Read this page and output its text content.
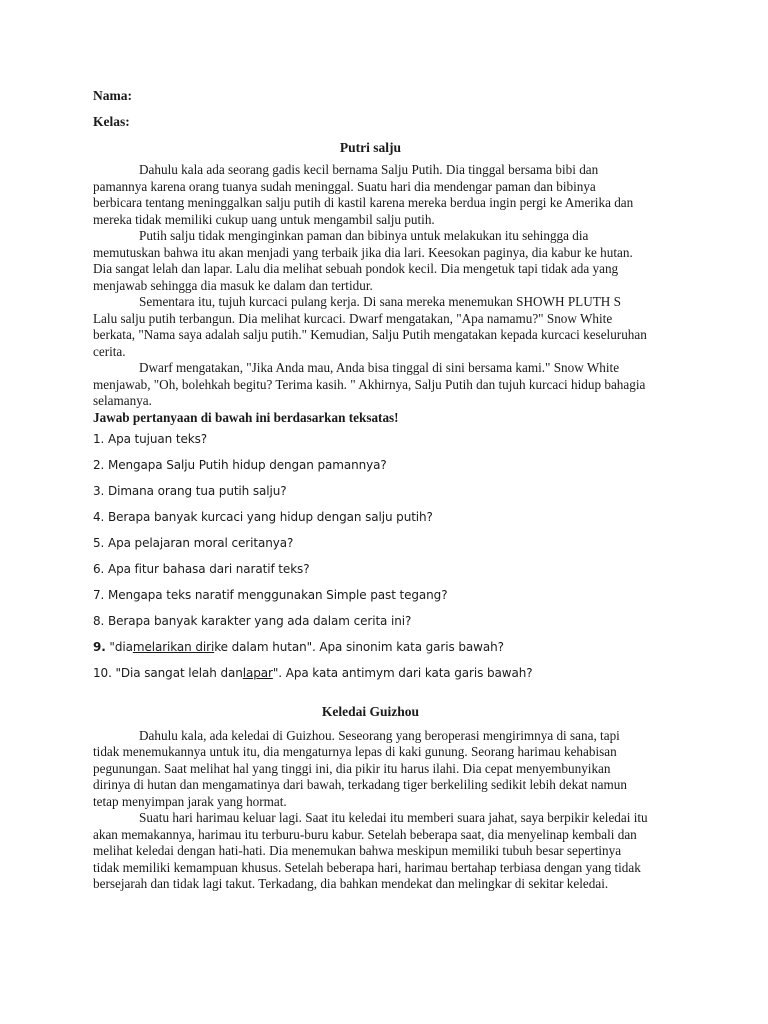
Nama:
Kelas:
Putri salju

Dahulu kala ada seorang gadis kecil bernama Salju Putih. Dia tinggal bersama bibi dan pamannya karena orang tuanya sudah meninggal. Suatu hari dia mendengar paman dan bibinya berbicara tentang meninggalkan salju putih di kastil karena mereka berdua ingin pergi ke Amerika dan mereka tidak memiliki cukup uang untuk mengambil salju putih.

Putih salju tidak menginginkan paman dan bibinya untuk melakukan itu sehingga dia memutuskan bahwa itu akan menjadi yang terbaik jika dia lari. Keesokan paginya, dia kabur ke hutan. Dia sangat lelah dan lapar. Lalu dia melihat sebuah pondok kecil. Dia mengetuk tapi tidak ada yang menjawab sehingga dia masuk ke dalam dan tertidur.

Sementara itu, tujuh kurcaci pulang kerja. Di sana mereka menemukan SHOWH PLUTH S Lalu salju putih terbangun. Dia melihat kurcaci. Dwarf mengatakan, "Apa namamu?" Snow White berkata, "Nama saya adalah salju putih." Kemudian, Salju Putih mengatakan kepada kurcaci keseluruhan cerita.

Dwarf mengatakan, "Jika Anda mau, Anda bisa tinggal di sini bersama kami." Snow White menjawab, "Oh, bolehkah begitu? Terima kasih. " Akhirnya, Salju Putih dan tujuh kurcaci hidup bahagia selamanya.

Jawab pertanyaan di bawah ini berdasarkan teksatas!
1. Apa tujuan teks?
2. Mengapa Salju Putih hidup dengan pamannya?
3. Dimana orang tua putih salju?
4. Berapa banyak kurcaci yang hidup dengan salju putih?
5. Apa pelajaran moral ceritanya?
6. Apa fitur bahasa dari naratif teks?
7. Mengapa teks naratif menggunakan Simple past tegang?
8. Berapa banyak karakter yang ada dalam cerita ini?
9. "diamelarikan dirike dalam hutan". Apa sinonim kata garis bawah?
10. "Dia sangat lelah danlapar". Apa kata antimym dari kata garis bawah?
Keledai Guizhou

Dahulu kala, ada keledai di Guizhou. Seseorang yang beroperasi mengirimnya di sana, tapi tidak menemukannya untuk itu, dia mengaturnya lepas di kaki gunung. Seorang harimau kehabisan pegunungan. Saat melihat hal yang tinggi ini, dia pikir itu harus ilahi. Dia cepat menyembunyikan dirinya di hutan dan mengamatinya dari bawah, terkadang tiger berkeliling sedikit lebih dekat namun tetap menyimpan jarak yang hormat.

Suatu hari harimau keluar lagi. Saat itu keledai itu memberi suara jahat, saya berpikir keledai itu akan memakannya, harimau itu terburu-buru kabur. Setelah beberapa saat, dia menyelinap kembali dan melihat keledai dengan hati-hati. Dia menemukan bahwa meskipun memiliki tubuh besar sepertinya tidak memiliki kemampuan khusus. Setelah beberapa hari, harimau bertahap terbiasa dengan yang tidak bersejarah dan tidak lagi takut. Terkadang, dia bahkan mendekat dan melingkar di sekitar keledai.
